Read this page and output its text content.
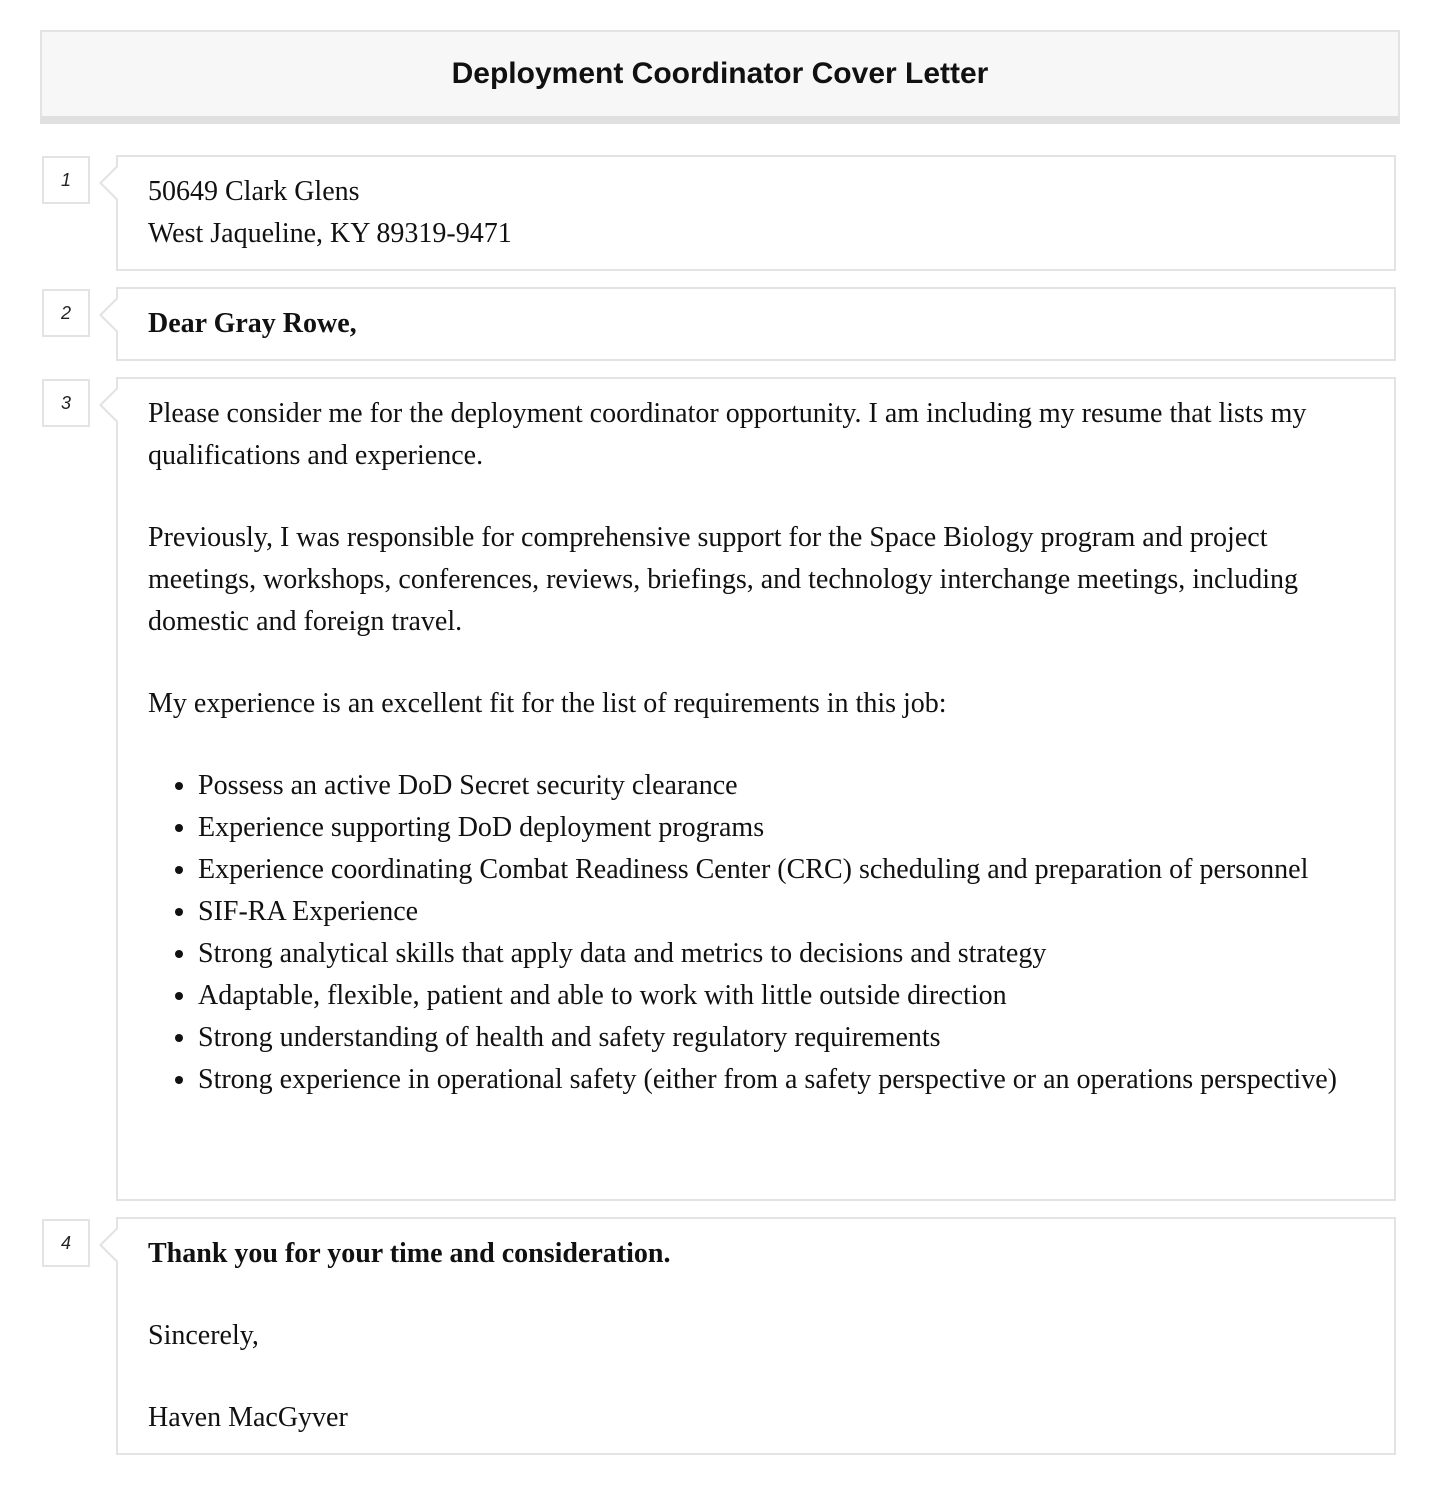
Deployment Coordinator Cover Letter
1	50649 Clark Glens

West Jaqueline, KY 89319-9471

2	Dear Gray Rowe,

3	Please consider me for the deployment coordinator opportunity. I am including my resume that lists my qualifications and experience.

Previously, I was responsible for comprehensive support for the Space Biology program and project meetings, workshops, conferences, reviews, briefings, and technology interchange meetings, including domestic and foreign travel.

My experience is an excellent fit for the list of requirements in this job:

• Possess an active DoD Secret security clearance
• Experience supporting DoD deployment programs
• Experience coordinating Combat Readiness Center (CRC) scheduling and preparation of personnel
• SIF-RA Experience
• Strong analytical skills that apply data and metrics to decisions and strategy
• Adaptable, flexible, patient and able to work with little outside direction
• Strong understanding of health and safety regulatory requirements
• Strong experience in operational safety (either from a safety perspective or an operations perspective)
4	Thank you for your time and consideration.

Sincerely,

Haven MacGyver
